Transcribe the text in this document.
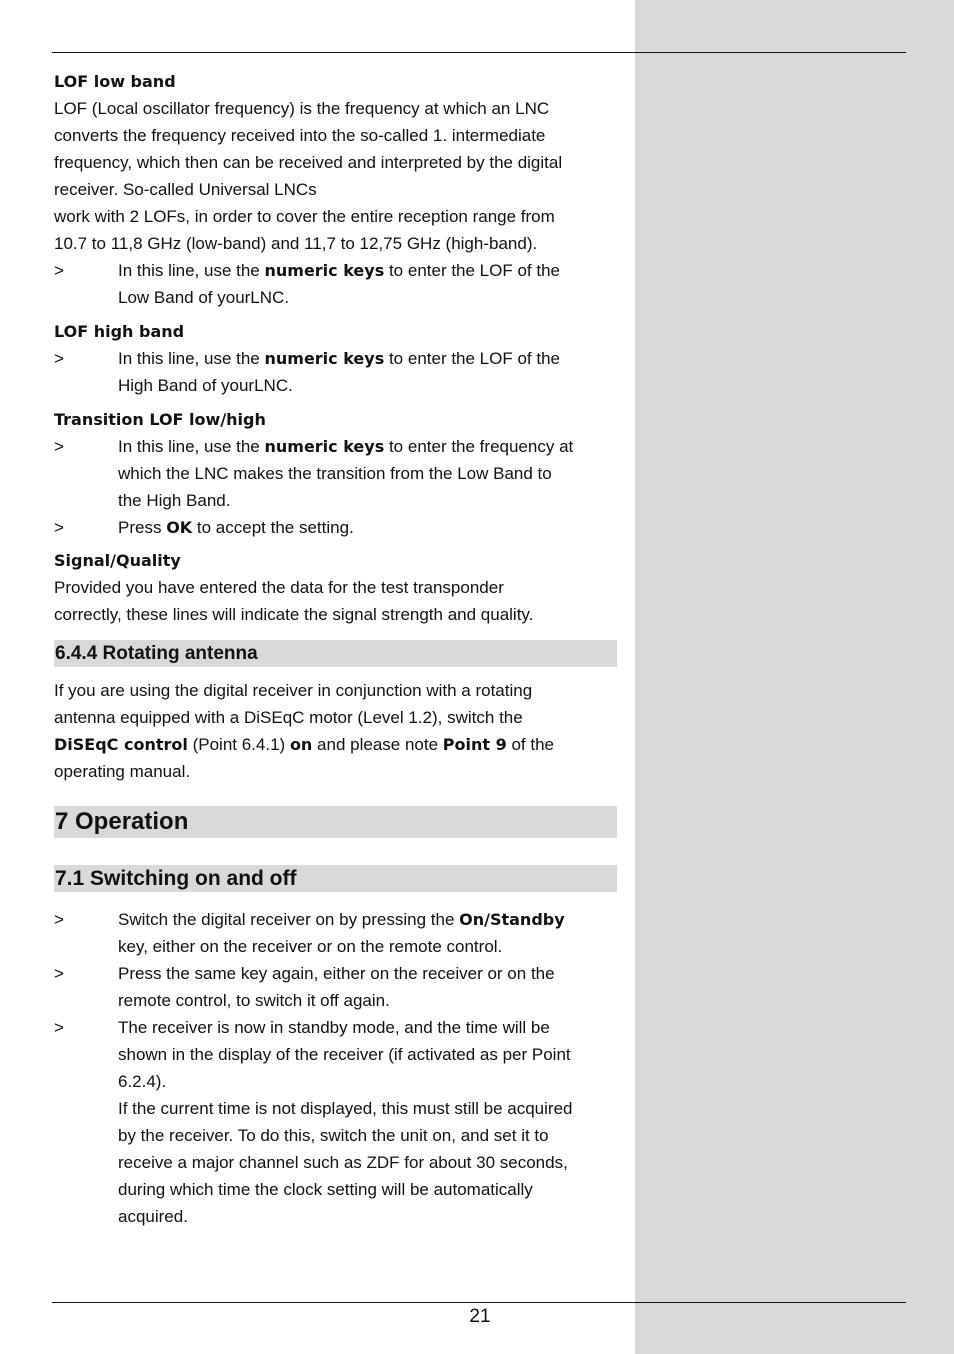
LOF low band

LOF (Local oscillator frequency) is the frequency at which an LNC

converts the frequency received into the so-called 1. intermediate

frequency, which then can be received and interpreted by the digital

receiver. So-called Universal LNCs

work with 2 LOFs, in order to cover the entire reception range from

10.7 to 11,8 GHz (low-band) and 11,7 to 12,75 GHz (high-band).

>	In this line, use the numeric keys to enter the LOF of the

Low Band of yourLNC.

LOF high band
>	In this line, use the numeric keys to enter the LOF of the

High Band of yourLNC.

Transition LOF low/high
>	In this line, use the numeric keys to enter the frequency at

which the LNC makes the transition from the Low Band to

the High Band.

>	Press OK to accept the setting.

Signal/Quality

Provided you have entered the data for the test transponder

correctly, these lines will indicate the signal strength and quality.

6.4.4 Rotating antenna

If you are using the digital receiver in conjunction with a rotating

antenna equipped with a DiSEqC motor (Level 1.2), switch the

DiSEqC control (Point 6.4.1) on and please note Point 9 of the

operating manual.

7 Operation
7.1 Switching on and off
>	Switch the digital receiver on by pressing the On/Standby

key, either on the receiver or on the remote control.

>	Press the same key again, either on the receiver or on the

remote control, to switch it off again.

>	The receiver is now in standby mode, and the time will be

shown in the display of the receiver (if activated as per Point

6.2.4).

If the current time is not displayed, this must still be acquired

by the receiver. To do this, switch the unit on, and set it to

receive a major channel such as ZDF for about 30 seconds,

during which time the clock setting will be automatically

acquired.

21
